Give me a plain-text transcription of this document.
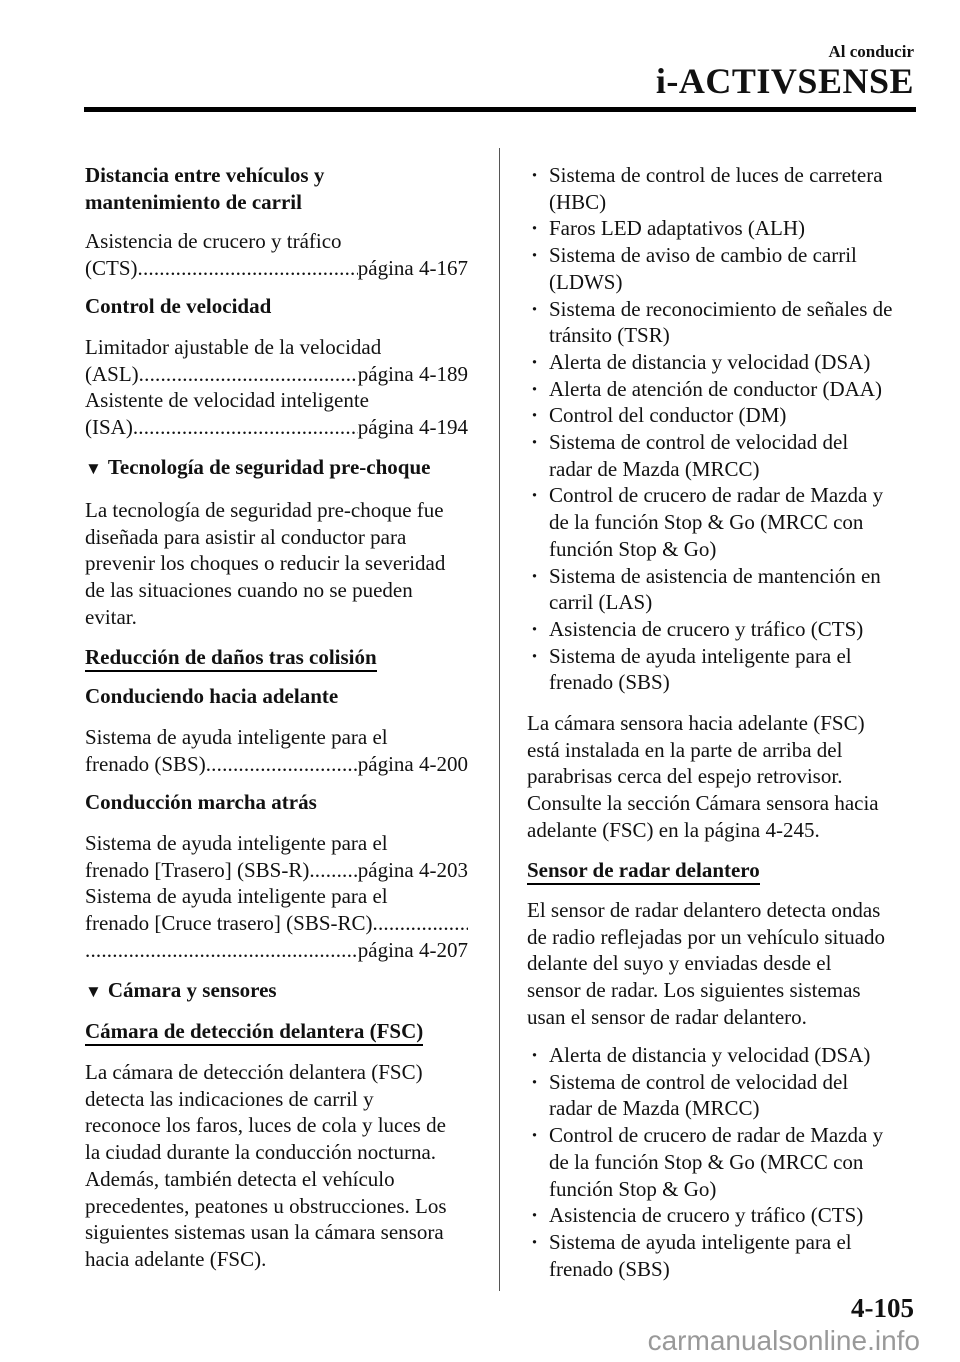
Al conducir
i-ACTIVSENSE
Distancia entre vehículos y
mantenimiento de carril
Asistencia de crucero y tráfico
(CTS) .....	página 4-167
Control de velocidad
Limitador ajustable de la velocidad
(ASL) .....	página 4-189
Asistente de velocidad inteligente
(ISA) .....	página 4-194
▼ Tecnología de seguridad pre-choque
La tecnología de seguridad pre-choque fue
diseñada para asistir al conductor para
prevenir los choques o reducir la severidad
de las situaciones cuando no se pueden
evitar.
Reducción de daños tras colisión
Conduciendo hacia adelante
Sistema de ayuda inteligente para el
frenado (SBS) .....	página 4-200
Conducción marcha atrás
Sistema de ayuda inteligente para el
frenado [Trasero] (SBS-R) ..... página 4-203
Sistema de ayuda inteligente para el
frenado [Cruce trasero] (SBS-RC)
.....
.....
página 4-207
▼ Cámara y sensores
Cámara de detección delantera (FSC)
La cámara de detección delantera (FSC)
detecta las indicaciones de carril y
reconoce los faros, luces de cola y luces de
la ciudad durante la conducción nocturna.
Además, también detecta el vehículo
precedentes, peatones u obstrucciones. Los
siguientes sistemas usan la cámara sensora
hacia adelante (FSC).
· Sistema de control de luces de carretera
(HBC)
· Faros LED adaptativos (ALH)
· Sistema de aviso de cambio de carril
(LDWS)
· Sistema de reconocimiento de señales de
tránsito (TSR)
· Alerta de distancia y velocidad (DSA)
· Alerta de atención de conductor (DAA)
· Control del conductor (DM)
· Sistema de control de velocidad del
radar de Mazda (MRCC)
· Control de crucero de radar de Mazda y
de la función Stop & Go (MRCC con
función Stop & Go)
· Sistema de asistencia de mantención en
carril (LAS)
· Asistencia de crucero y tráfico (CTS)
· Sistema de ayuda inteligente para el
frenado (SBS)
La cámara sensora hacia adelante (FSC)
está instalada en la parte de arriba del
parabrisas cerca del espejo retrovisor.
Consulte la sección Cámara sensora hacia
adelante (FSC) en la página 4-245.
Sensor de radar delantero
El sensor de radar delantero detecta ondas
de radio reflejadas por un vehículo situado
delante del suyo y enviadas desde el
sensor de radar. Los siguientes sistemas
usan el sensor de radar delantero.
· Alerta de distancia y velocidad (DSA)
· Sistema de control de velocidad del
radar de Mazda (MRCC)
· Control de crucero de radar de Mazda y
de la función Stop & Go (MRCC con
función Stop & Go)
· Asistencia de crucero y tráfico (CTS)
· Sistema de ayuda inteligente para el
frenado (SBS)
4-105
carmanualsonline.info
